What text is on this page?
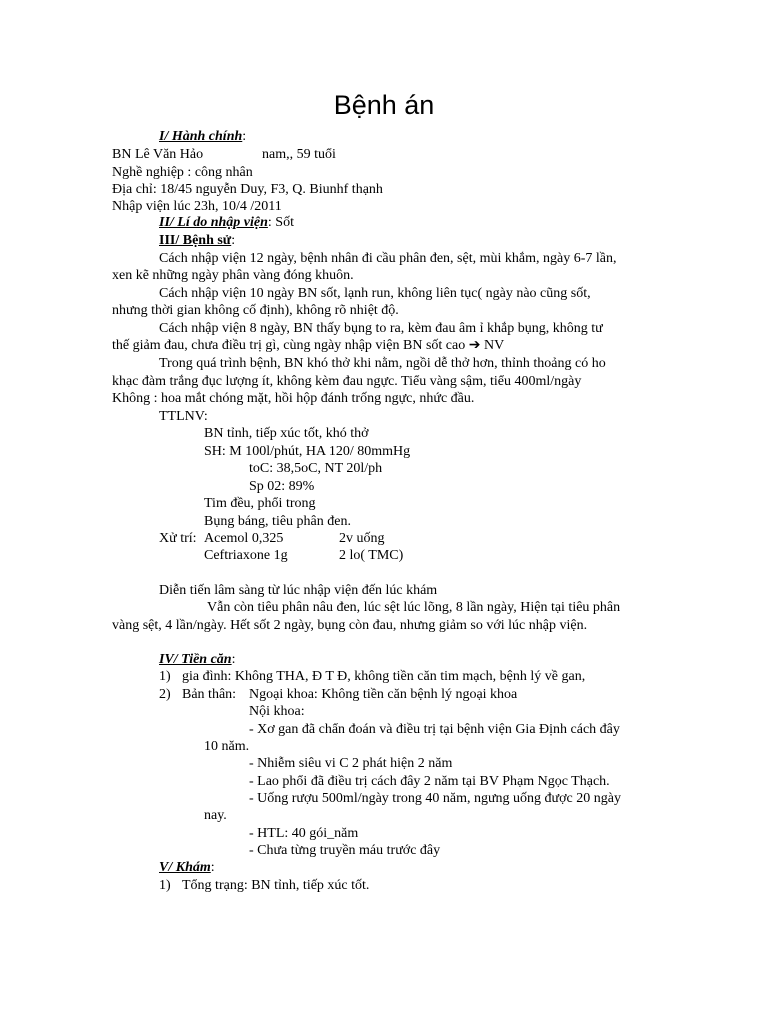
Bệnh án
I/ Hành chính:
BN Lê Văn Hảo	nam,, 59 tuổi
Nghề nghiệp : công nhân
Địa chỉ: 18/45 nguyễn Duy, F3, Q. Biunhf thạnh
Nhập viện lúc 23h, 10/4 /2011
II/ Lí do nhập viện: Sốt
III/ Bệnh sử:
Cách nhập viện 12 ngày, bệnh nhân đi cầu phân đen, sệt, mùi khắm, ngày 6-7 lần,
xen kẽ những ngày phân vàng đóng khuôn.
Cách nhập viện 10 ngày BN sốt, lạnh run, không liên tục( ngày nào cũng sốt,
nhưng thời gian không cố định), không rõ nhiệt độ.
Cách nhập viện 8 ngày, BN thấy bụng to ra, kèm đau âm ỉ khắp bụng, không tư
thế giảm đau, chưa điều trị gì, cùng ngày nhập viện BN sốt cao ➔ NV
Trong quá trình bệnh, BN khó thở khi nằm, ngồi dễ thở hơn, thỉnh thoảng có ho
khạc đàm trắng đục lượng ít, không kèm đau ngực. Tiểu vàng sậm, tiểu 400ml/ngày
Không : hoa mắt chóng mặt, hồi hộp đánh trống ngực, nhức đầu.
TTLNV:
BN tỉnh, tiếp xúc tốt, khó thở
SH: M 100l/phút, HA 120/ 80mmHg
toC: 38,5oC, NT 20l/ph
Sp 02: 89%
Tim đều, phổi trong
Bụng báng, tiêu phân đen.
Xử trí: Acemol 0,325	2v uống
Ceftriaxone 1g	2 lo( TMC)
Diễn tiến lâm sàng từ lúc nhập viện đến lúc khám
Vẫn còn tiêu phân nâu đen, lúc sệt lúc lõng, 8 lần ngày, Hiện tại tiêu phân
vàng sệt, 4 lần/ngày. Hết sốt 2 ngày, bụng còn đau, nhưng giảm so với lúc nhập viện.
IV/ Tiền căn:
1) gia đình: Không THA, Đ T Đ, không tiền căn tim mạch, bệnh lý về gan,
2) Bản thân: Ngoại khoa: Không tiền căn bệnh lý ngoại khoa
Nội khoa:
- Xơ gan đã chẩn đoán và điều trị tại bệnh viện Gia Định cách đây
10 năm.
- Nhiễm siêu vi C 2 phát hiện 2 năm
- Lao phổi đã điều trị cách đây 2 năm tại BV Phạm Ngọc Thạch.
- Uống rượu 500ml/ngày trong 40 năm, ngưng uống được 20 ngày
nay.
- HTL: 40 gói_năm
- Chưa từng truyền máu trước đây
V/ Khám:
1) Tổng trạng: BN tỉnh, tiếp xúc tốt.
